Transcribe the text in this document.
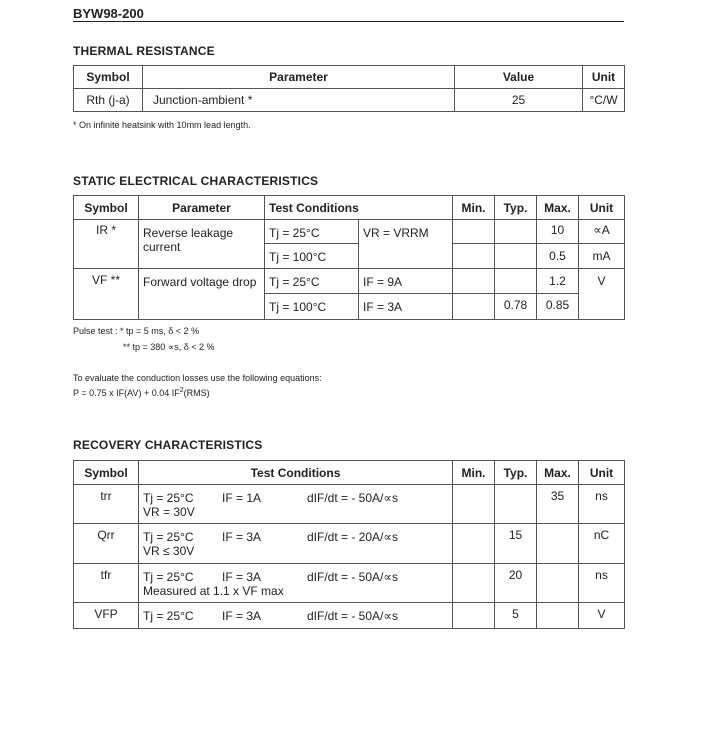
BYW98-200
THERMAL RESISTANCE
Symbol	Parameter	Value	Unit
Rth (j-a)	Junction-ambient *	25	°C/W
* On infinite heatsink with 10mm lead length.
STATIC ELECTRICAL CHARACTERISTICS
Symbol	Parameter	Test Conditions		Min.	Typ.	Max.	Unit
IR *	Reverse leakage current	Tj = 25°C	VR = VRRM			10	∝A
		Tj = 100°C				0.5	mA
VF **	Forward voltage drop	Tj = 25°C	IF = 9A			1.2	V
		Tj = 100°C	IF = 3A		0.78	0.85	
Pulse test : * tp = 5 ms, δ < 2 %
** tp = 380 ∝s, δ < 2 %
To evaluate the conduction losses use the following equations:
P = 0.75 x IF(AV) + 0.04 $IF^2(RMS)$
RECOVERY CHARACTERISTICS
Symbol	Test Conditions	Min.	Typ.	Max.	Unit
trr	Tj = 25°C IF = 1A dIF/dt = - 50A/∝s
VR = 30V			35	ns
Qrr	Tj = 25°C IF = 3A dIF/dt = - 20A/∝s
VR ≤ 30V		15		nC
tfr	Tj = 25°C IF = 3A dIF/dt = - 50A/∝s
Measured at 1.1 x VF max		20		ns
VFP	Tj = 25°C IF = 3A dIF/dt = - 50A/∝s		5		V
